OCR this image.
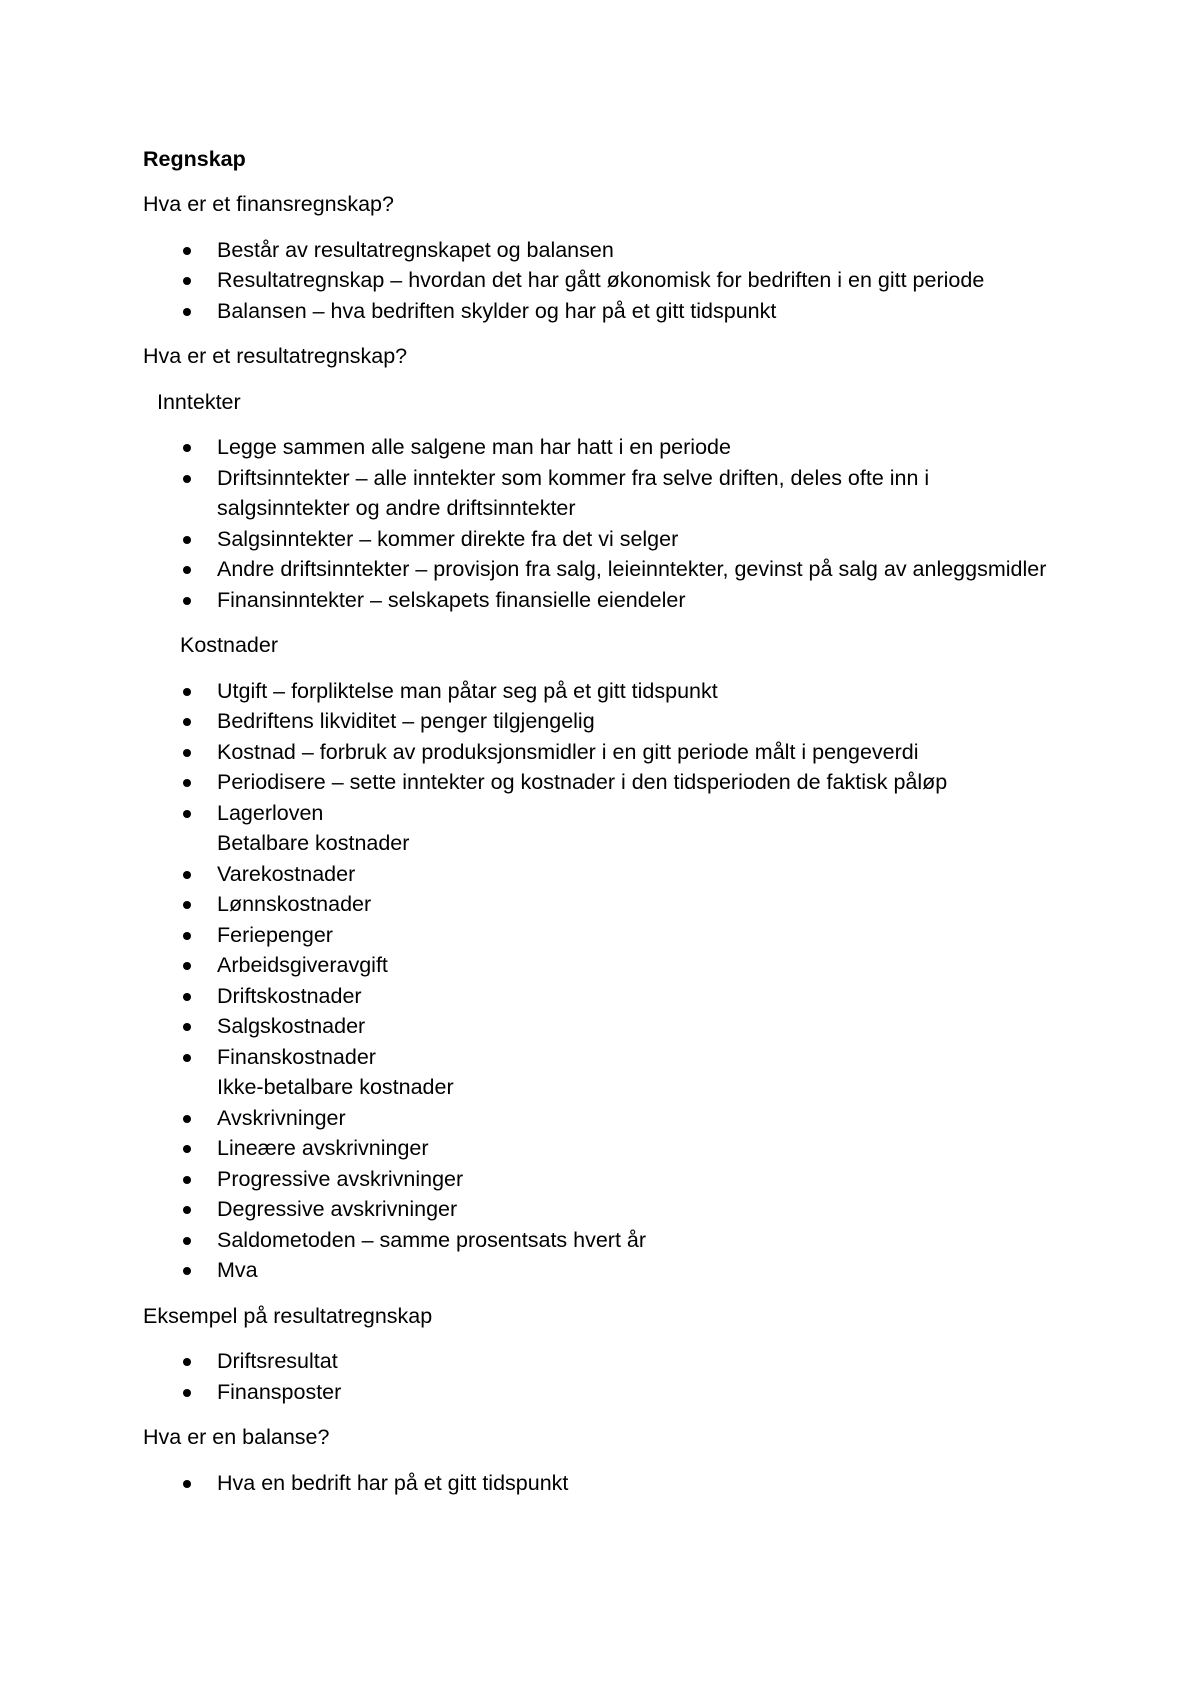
Regnskap
Hva er et finansregnskap?
Består av resultatregnskapet og balansen
Resultatregnskap – hvordan det har gått økonomisk for bedriften i en gitt periode
Balansen – hva bedriften skylder og har på et gitt tidspunkt
Hva er et resultatregnskap?
Inntekter
Legge sammen alle salgene man har hatt i en periode
Driftsinntekter – alle inntekter som kommer fra selve driften, deles ofte inn i salgsinntekter og andre driftsinntekter
Salgsinntekter – kommer direkte fra det vi selger
Andre driftsinntekter – provisjon fra salg, leieinntekter, gevinst på salg av anleggsmidler
Finansinntekter – selskapets finansielle eiendeler
Kostnader
Utgift – forpliktelse man påtar seg på et gitt tidspunkt
Bedriftens likviditet – penger tilgjengelig
Kostnad – forbruk av produksjonsmidler i en gitt periode målt i pengeverdi
Periodisere – sette inntekter og kostnader i den tidsperioden de faktisk påløp
Lagerloven
Betalbare kostnader
Varekostnader
Lønnskostnader
Feriepenger
Arbeidsgiveravgift
Driftskostnader
Salgskostnader
Finanskostnader
Ikke-betalbare kostnader
Avskrivninger
Lineære avskrivninger
Progressive avskrivninger
Degressive avskrivninger
Saldometoden – samme prosentsats hvert år
Mva
Eksempel på resultatregnskap
Driftsresultat
Finansposter
Hva er en balanse?
Hva en bedrift har på et gitt tidspunkt
